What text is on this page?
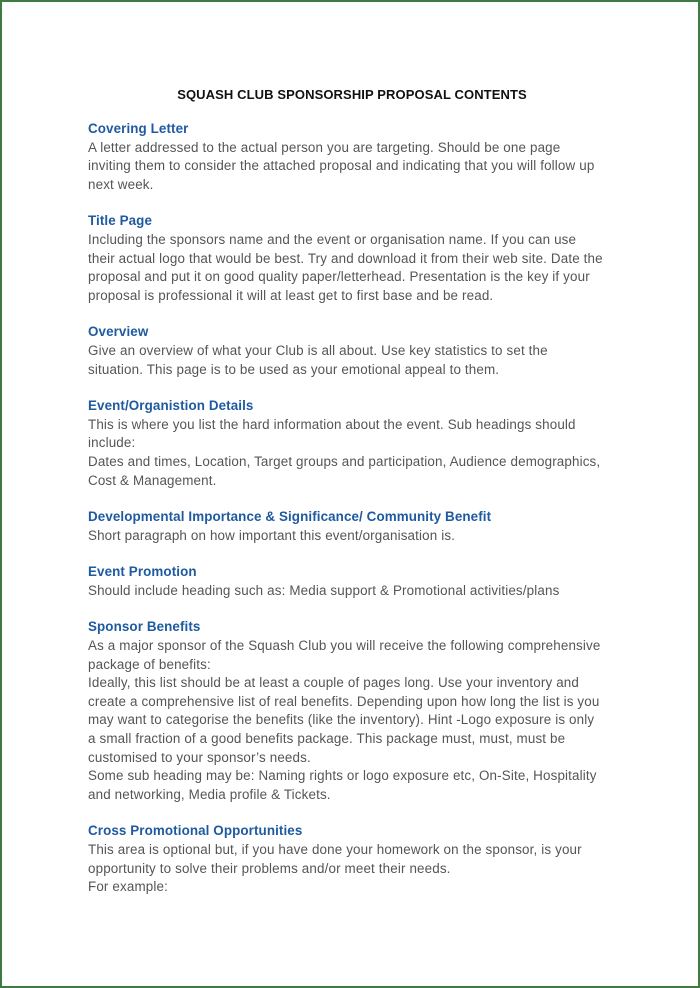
SQUASH CLUB SPONSORSHIP PROPOSAL CONTENTS
Covering Letter
A letter addressed to the actual person you are targeting. Should be one page
inviting them to consider the attached proposal and indicating that you will follow up
next week.
Title Page
Including the sponsors name and the event or organisation name. If you can use
their actual logo that would be best. Try and download it from their web site. Date the
proposal and put it on good quality paper/letterhead. Presentation is the key if your
proposal is professional it will at least get to first base and be read.
Overview
Give an overview of what your Club is all about. Use key statistics to set the
situation. This page is to be used as your emotional appeal to them.
Event/Organistion Details
This is where you list the hard information about the event. Sub headings should
include:
Dates and times, Location, Target groups and participation, Audience demographics,
Cost & Management.
Developmental Importance & Significance/ Community Benefit
Short paragraph on how important this event/organisation is.
Event Promotion
Should include heading such as: Media support & Promotional activities/plans
Sponsor Benefits
As a major sponsor of the Squash Club you will receive the following comprehensive
package of benefits:
Ideally, this list should be at least a couple of pages long. Use your inventory and
create a comprehensive list of real benefits. Depending upon how long the list is you
may want to categorise the benefits (like the inventory). Hint -Logo exposure is only
a small fraction of a good benefits package. This package must, must, must be
customised to your sponsor’s needs.
Some sub heading may be: Naming rights or logo exposure etc, On-Site, Hospitality
and networking, Media profile & Tickets.
Cross Promotional Opportunities
This area is optional but, if you have done your homework on the sponsor, is your
opportunity to solve their problems and/or meet their needs.
For example:
